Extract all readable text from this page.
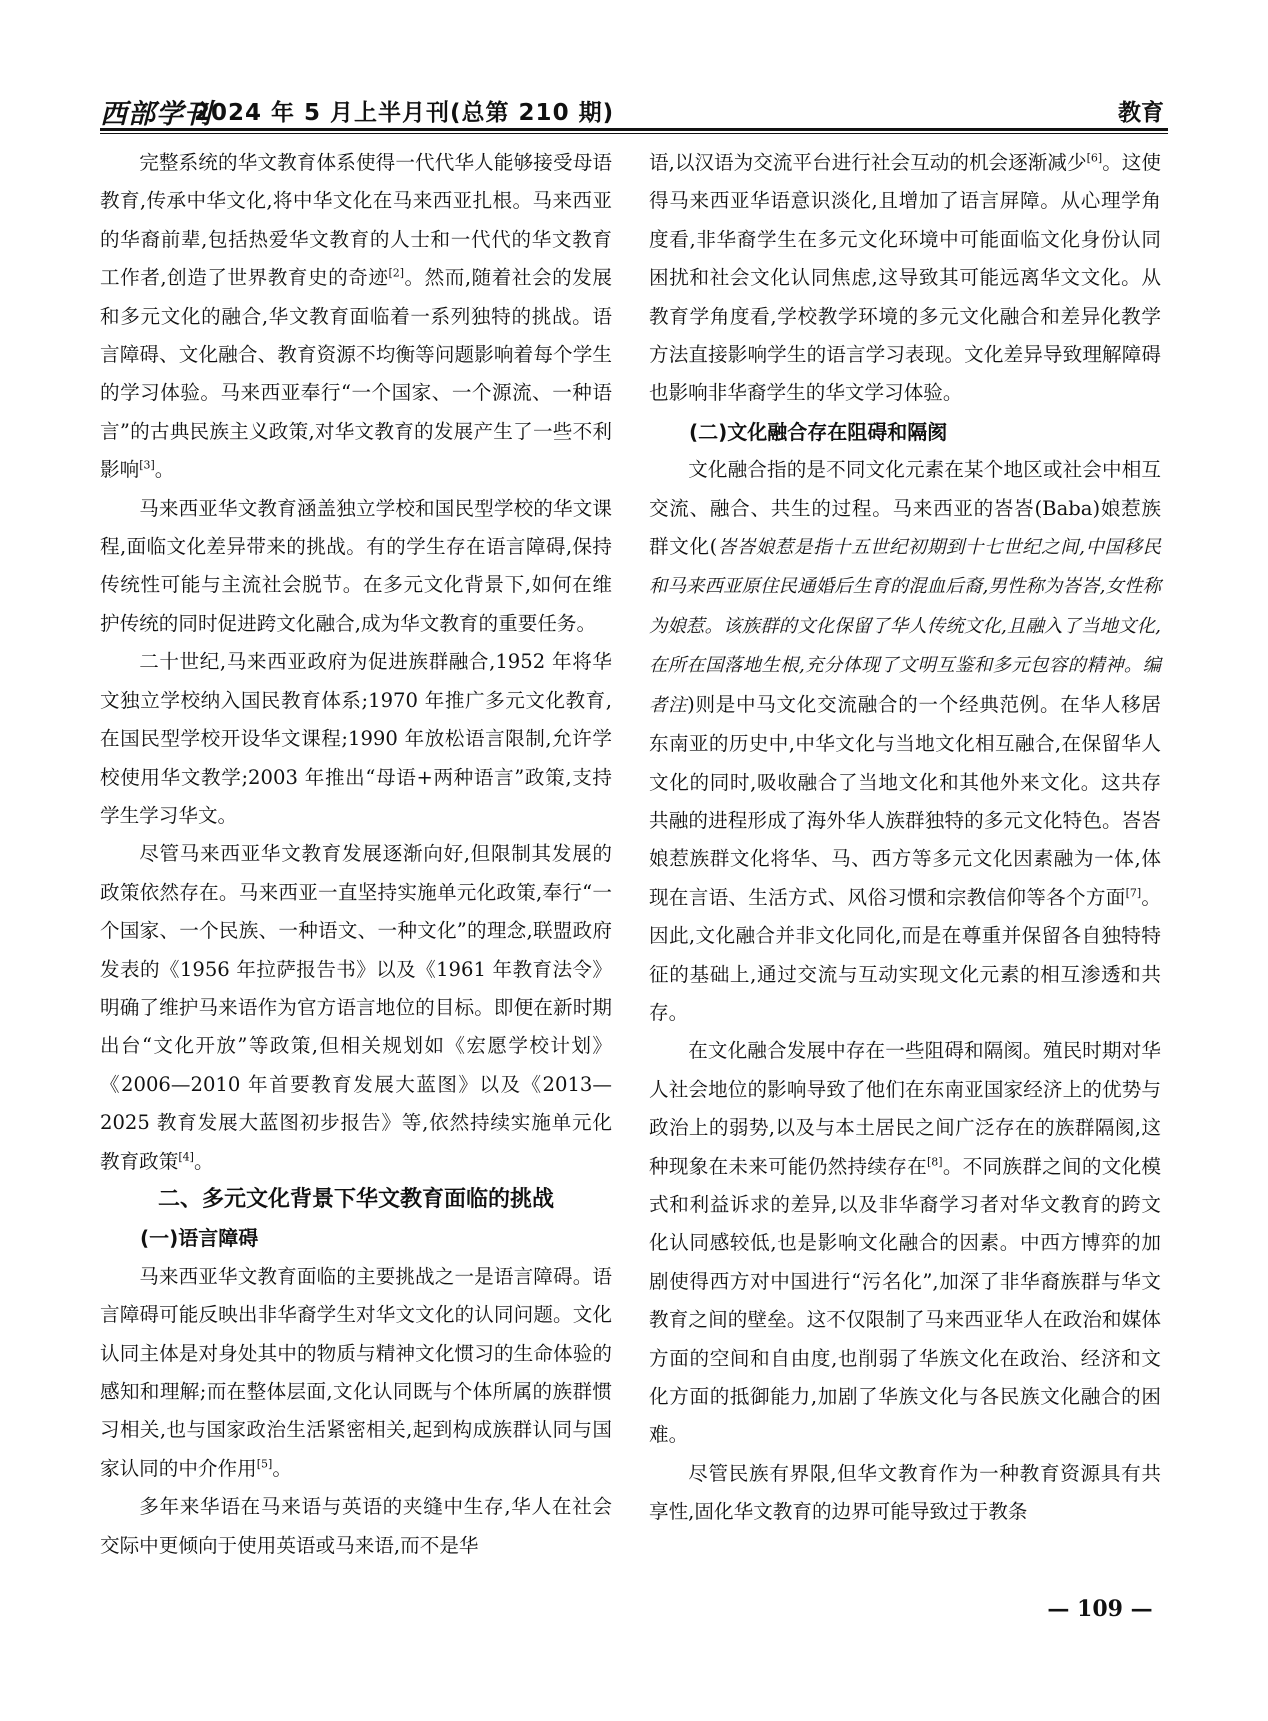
西部学刊
2024 年 5 月上半月刊(总第 210 期)	教育

完整系统的华文教育体系使得一代代华人能够接受母语教育,传承中华文化,将中华文化在马来西亚扎根。马来西亚的华裔前辈,包括热爱华文教育的人士和一代代的华文教育工作者,创造了世界教育史的奇迹[2]。然而,随着社会的发展和多元文化的融合,华文教育面临着一系列独特的挑战。语言障碍、文化融合、教育资源不均衡等问题影响着每个学生的学习体验。马来西亚奉行“一个国家、一个源流、一种语言”的古典民族主义政策,对华文教育的发展产生了一些不利影响[3]。

马来西亚华文教育涵盖独立学校和国民型学校的华文课程,面临文化差异带来的挑战。有的学生存在语言障碍,保持传统性可能与主流社会脱节。在多元文化背景下,如何在维护传统的同时促进跨文化融合,成为华文教育的重要任务。

二十世纪,马来西亚政府为促进族群融合,1952 年将华文独立学校纳入国民教育体系;1970 年推广多元文化教育,在国民型学校开设华文课程;1990 年放松语言限制,允许学校使用华文教学;2003 年推出“母语+两种语言”政策,支持学生学习华文。

尽管马来西亚华文教育发展逐渐向好,但限制其发展的政策依然存在。马来西亚一直坚持实施单元化政策,奉行“一个国家、一个民族、一种语文、一种文化”的理念,联盟政府发表的《1956 年拉萨报告书》以及《1961 年教育法令》明确了维护马来语作为官方语言地位的目标。即便在新时期出台“文化开放”等政策,但相关规划如《宏愿学校计划》《2006—2010 年首要教育发展大蓝图》以及《2013—2025 教育发展大蓝图初步报告》等,依然持续实施单元化教育政策[4]。

二、多元文化背景下华文教育面临的挑战
(一)语言障碍

马来西亚华文教育面临的主要挑战之一是语言障碍。语言障碍可能反映出非华裔学生对华文文化的认同问题。文化认同主体是对身处其中的物质与精神文化惯习的生命体验的感知和理解;而在整体层面,文化认同既与个体所属的族群惯习相关,也与国家政治生活紧密相关,起到构成族群认同与国家认同的中介作用[5]。

多年来华语在马来语与英语的夹缝中生存,华人在社会交际中更倾向于使用英语或马来语,而不是华

语,以汉语为交流平台进行社会互动的机会逐渐减少[6]。这使得马来西亚华语意识淡化,且增加了语言屏障。从心理学角度看,非华裔学生在多元文化环境中可能面临文化身份认同困扰和社会文化认同焦虑,这导致其可能远离华文文化。从教育学角度看,学校教学环境的多元文化融合和差异化教学方法直接影响学生的语言学习表现。文化差异导致理解障碍也影响非华裔学生的华文学习体验。

(二)文化融合存在阻碍和隔阂

文化融合指的是不同文化元素在某个地区或社会中相互交流、融合、共生的过程。马来西亚的峇峇(Baba)娘惹族群文化(峇峇娘惹是指十五世纪初期到十七世纪之间,中国移民和马来西亚原住民通婚后生育的混血后裔,男性称为峇峇,女性称为娘惹。该族群的文化保留了华人传统文化,且融入了当地文化,在所在国落地生根,充分体现了文明互鉴和多元包容的精神。编者注)则是中马文化交流融合的一个经典范例。在华人移居东南亚的历史中,中华文化与当地文化相互融合,在保留华人文化的同时,吸收融合了当地文化和其他外来文化。这共存共融的进程形成了海外华人族群独特的多元文化特色。峇峇娘惹族群文化将华、马、西方等多元文化因素融为一体,体现在言语、生活方式、风俗习惯和宗教信仰等各个方面[7]。因此,文化融合并非文化同化,而是在尊重并保留各自独特特征的基础上,通过交流与互动实现文化元素的相互渗透和共存。

在文化融合发展中存在一些阻碍和隔阂。殖民时期对华人社会地位的影响导致了他们在东南亚国家经济上的优势与政治上的弱势,以及与本土居民之间广泛存在的族群隔阂,这种现象在未来可能仍然持续存在[8]。不同族群之间的文化模式和利益诉求的差异,以及非华裔学习者对华文教育的跨文化认同感较低,也是影响文化融合的因素。中西方博弈的加剧使得西方对中国进行“污名化”,加深了非华裔族群与华文教育之间的壁垒。这不仅限制了马来西亚华人在政治和媒体方面的空间和自由度,也削弱了华族文化在政治、经济和文化方面的抵御能力,加剧了华族文化与各民族文化融合的困难。

尽管民族有界限,但华文教育作为一种教育资源具有共享性,固化华文教育的边界可能导致过于教条

— 109 —
